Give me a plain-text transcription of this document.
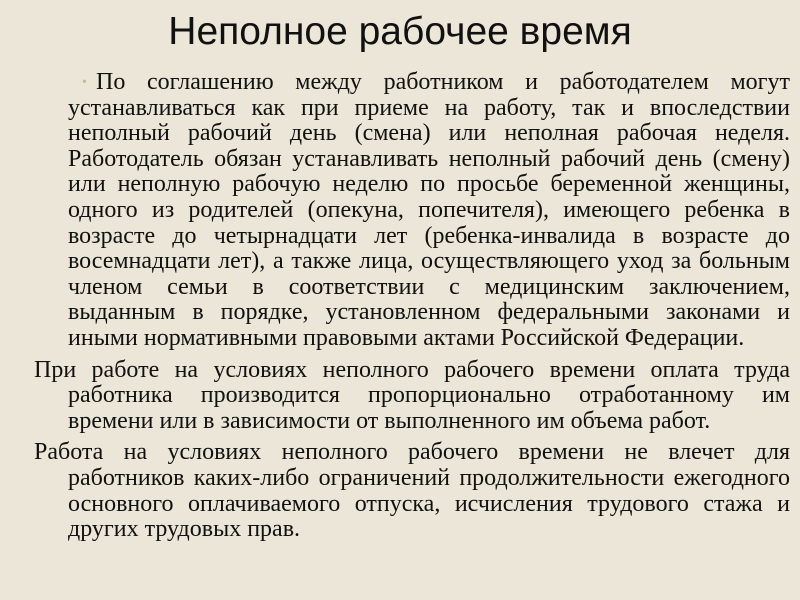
Неполное рабочее время

• По соглашению между работником и работодателем могут устанавливаться как при приеме на работу, так и впоследствии неполный рабочий день (смена) или неполная рабочая неделя. Работодатель обязан устанавливать неполный рабочий день (смену) или неполную рабочую неделю по просьбе беременной женщины, одного из родителей (опекуна, попечителя), имеющего ребенка в возрасте до четырнадцати лет (ребенка-инвалида в возрасте до восемнадцати лет), а также лица, осуществляющего уход за больным членом семьи в соответствии с медицинским заключением, выданным в порядке, установленном федеральными законами и иными нормативными правовыми актами Российской Федерации.

При работе на условиях неполного рабочего времени оплата труда работника производится пропорционально отработанному им времени или в зависимости от выполненного им объема работ.

Работа на условиях неполного рабочего времени не влечет для работников каких-либо ограничений продолжительности ежегодного основного оплачиваемого отпуска, исчисления трудового стажа и других трудовых прав.
